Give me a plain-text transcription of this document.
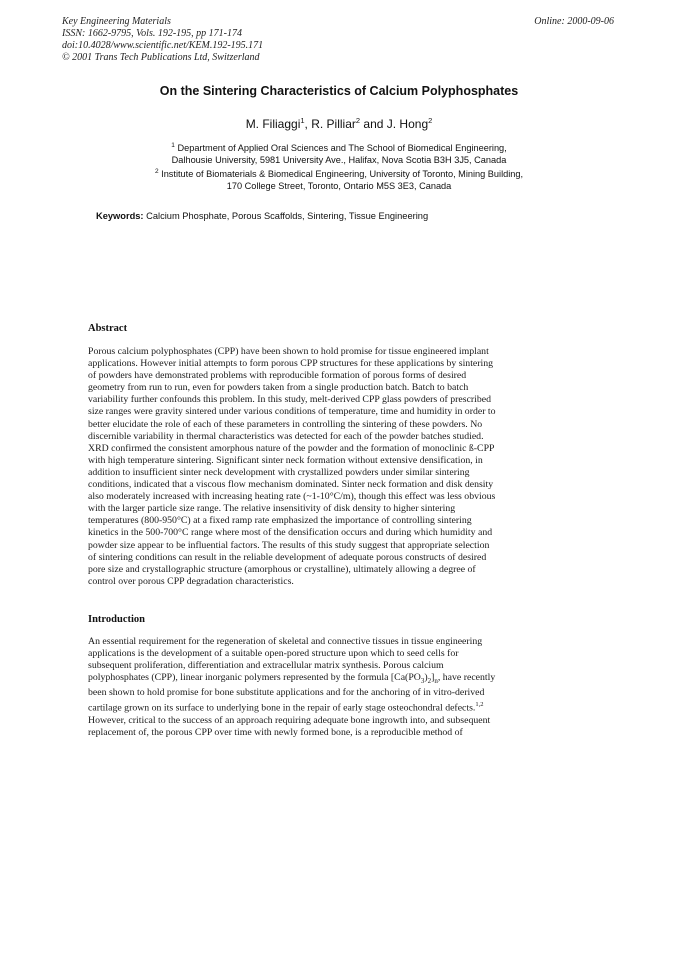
Key Engineering Materials
ISSN: 1662-9795, Vols. 192-195, pp 171-174
doi:10.4028/www.scientific.net/KEM.192-195.171
© 2001 Trans Tech Publications Ltd, Switzerland
Online: 2000-09-06
On the Sintering Characteristics of Calcium Polyphosphates
M. Filiaggi$^1$, R. Pilliar$^2$ and J. Hong$^2$
$^1$ Department of Applied Oral Sciences and The School of Biomedical Engineering,
Dalhousie University, 5981 University Ave., Halifax, Nova Scotia B3H 3J5, Canada
$^2$ Institute of Biomaterials & Biomedical Engineering, University of Toronto, Mining Building,
170 College Street, Toronto, Ontario M5S 3E3, Canada
Keywords: Calcium Phosphate, Porous Scaffolds, Sintering, Tissue Engineering
Abstract
Porous calcium polyphosphates (CPP) have been shown to hold promise for tissue engineered implant
applications. However initial attempts to form porous CPP structures for these applications by sintering
of powders have demonstrated problems with reproducible formation of porous forms of desired
geometry from run to run, even for powders taken from a single production batch. Batch to batch
variability further confounds this problem. In this study, melt-derived CPP glass powders of prescribed
size ranges were gravity sintered under various conditions of temperature, time and humidity in order to
better elucidate the role of each of these parameters in controlling the sintering of these powders. No
discernible variability in thermal characteristics was detected for each of the powder batches studied.
XRD confirmed the consistent amorphous nature of the powder and the formation of monoclinic ß-CPP
with high temperature sintering. Significant sinter neck formation without extensive densification, in
addition to insufficient sinter neck development with crystallized powders under similar sintering
conditions, indicated that a viscous flow mechanism dominated. Sinter neck formation and disk density
also moderately increased with increasing heating rate (~1-10°C/m), though this effect was less obvious
with the larger particle size range. The relative insensitivity of disk density to higher sintering
temperatures (800-950°C) at a fixed ramp rate emphasized the importance of controlling sintering
kinetics in the 500-700°C range where most of the densification occurs and during which humidity and
powder size appear to be influential factors. The results of this study suggest that appropriate selection
of sintering conditions can result in the reliable development of adequate porous constructs of desired
pore size and crystallographic structure (amorphous or crystalline), ultimately allowing a degree of
control over porous CPP degradation characteristics.
Introduction
An essential requirement for the regeneration of skeletal and connective tissues in tissue engineering
applications is the development of a suitable open-pored structure upon which to seed cells for
subsequent proliferation, differentiation and extracellular matrix synthesis. Porous calcium
polyphosphates (CPP), linear inorganic polymers represented by the formula $[Ca(PO_3)_2]_n$, have recently
been shown to hold promise for bone substitute applications and for the anchoring of in vitro-derived
cartilage grown on its surface to underlying bone in the repair of early stage osteochondral defects.$^{1,2}$
However, critical to the success of an approach requiring adequate bone ingrowth into, and subsequent
replacement of, the porous CPP over time with newly formed bone, is a reproducible method of
